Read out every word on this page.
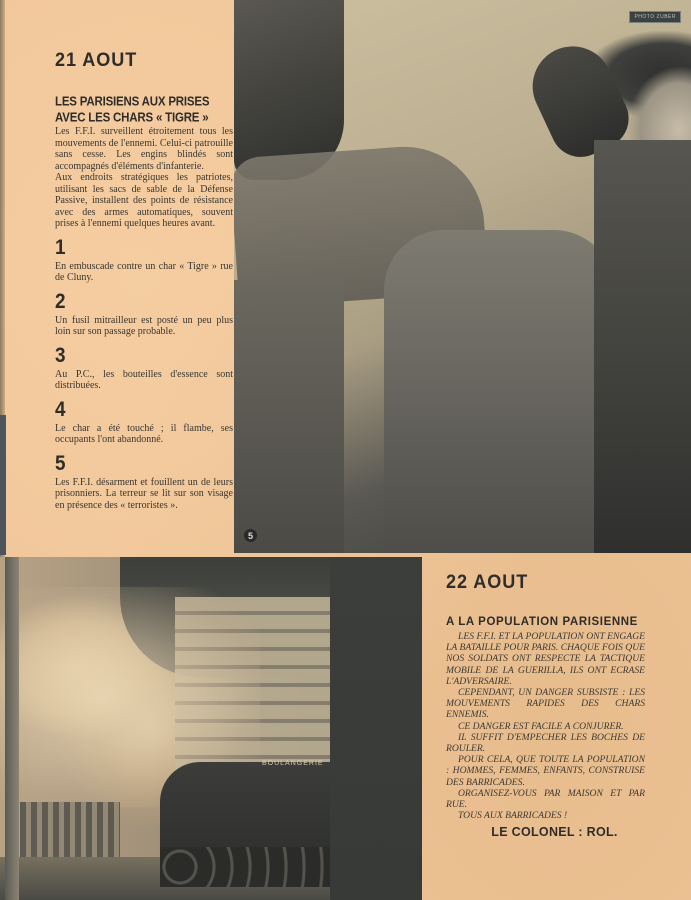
PHOTO ZUBER
5
BOULANGERIE
21 AOUT
LES PARISIENS AUX PRISES AVEC LES CHARS « TIGRE »

Les F.F.I. surveillent étroitement tous les mouvements de l'ennemi. Celui-ci patrouille sans cesse. Les engins blindés sont accompagnés d'éléments d'infanterie.

Aux endroits stratégiques les patriotes, utilisant les sacs de sable de la Défense Passive, installent des points de résistance avec des armes automatiques, souvent prises à l'ennemi quelques heures avant.

1

En embuscade contre un char « Tigre » rue de Cluny.

2

Un fusil mitrailleur est posté un peu plus loin sur son passage probable.

3

Au P.C., les bouteilles d'essence sont distribuées.

4

Le char a été touché ; il flambe, ses occupants l'ont abandonné.

5

Les F.F.I. désarment et fouillent un de leurs prisonniers. La terreur se lit sur son visage en présence des « terroristes ».

22 AOUT
A LA POPULATION PARISIENNE

LES F.F.I. ET LA POPULATION ONT ENGAGE LA BATAILLE POUR PARIS. CHAQUE FOIS QUE NOS SOLDATS ONT RESPECTE LA TACTIQUE MOBILE DE LA GUERILLA, ILS ONT ECRASE L'ADVERSAIRE.

CEPENDANT, UN DANGER SUBSISTE : LES MOUVEMENTS RAPIDES DES CHARS ENNEMIS.

CE DANGER EST FACILE A CONJURER.

IL SUFFIT D'EMPECHER LES BOCHES DE ROULER.

POUR CELA, QUE TOUTE LA POPULATION : HOMMES, FEMMES, ENFANTS, CONSTRUISE DES BARRICADES.

ORGANISEZ-VOUS PAR MAISON ET PAR RUE.

TOUS AUX BARRICADES !

LE COLONEL : ROL.
